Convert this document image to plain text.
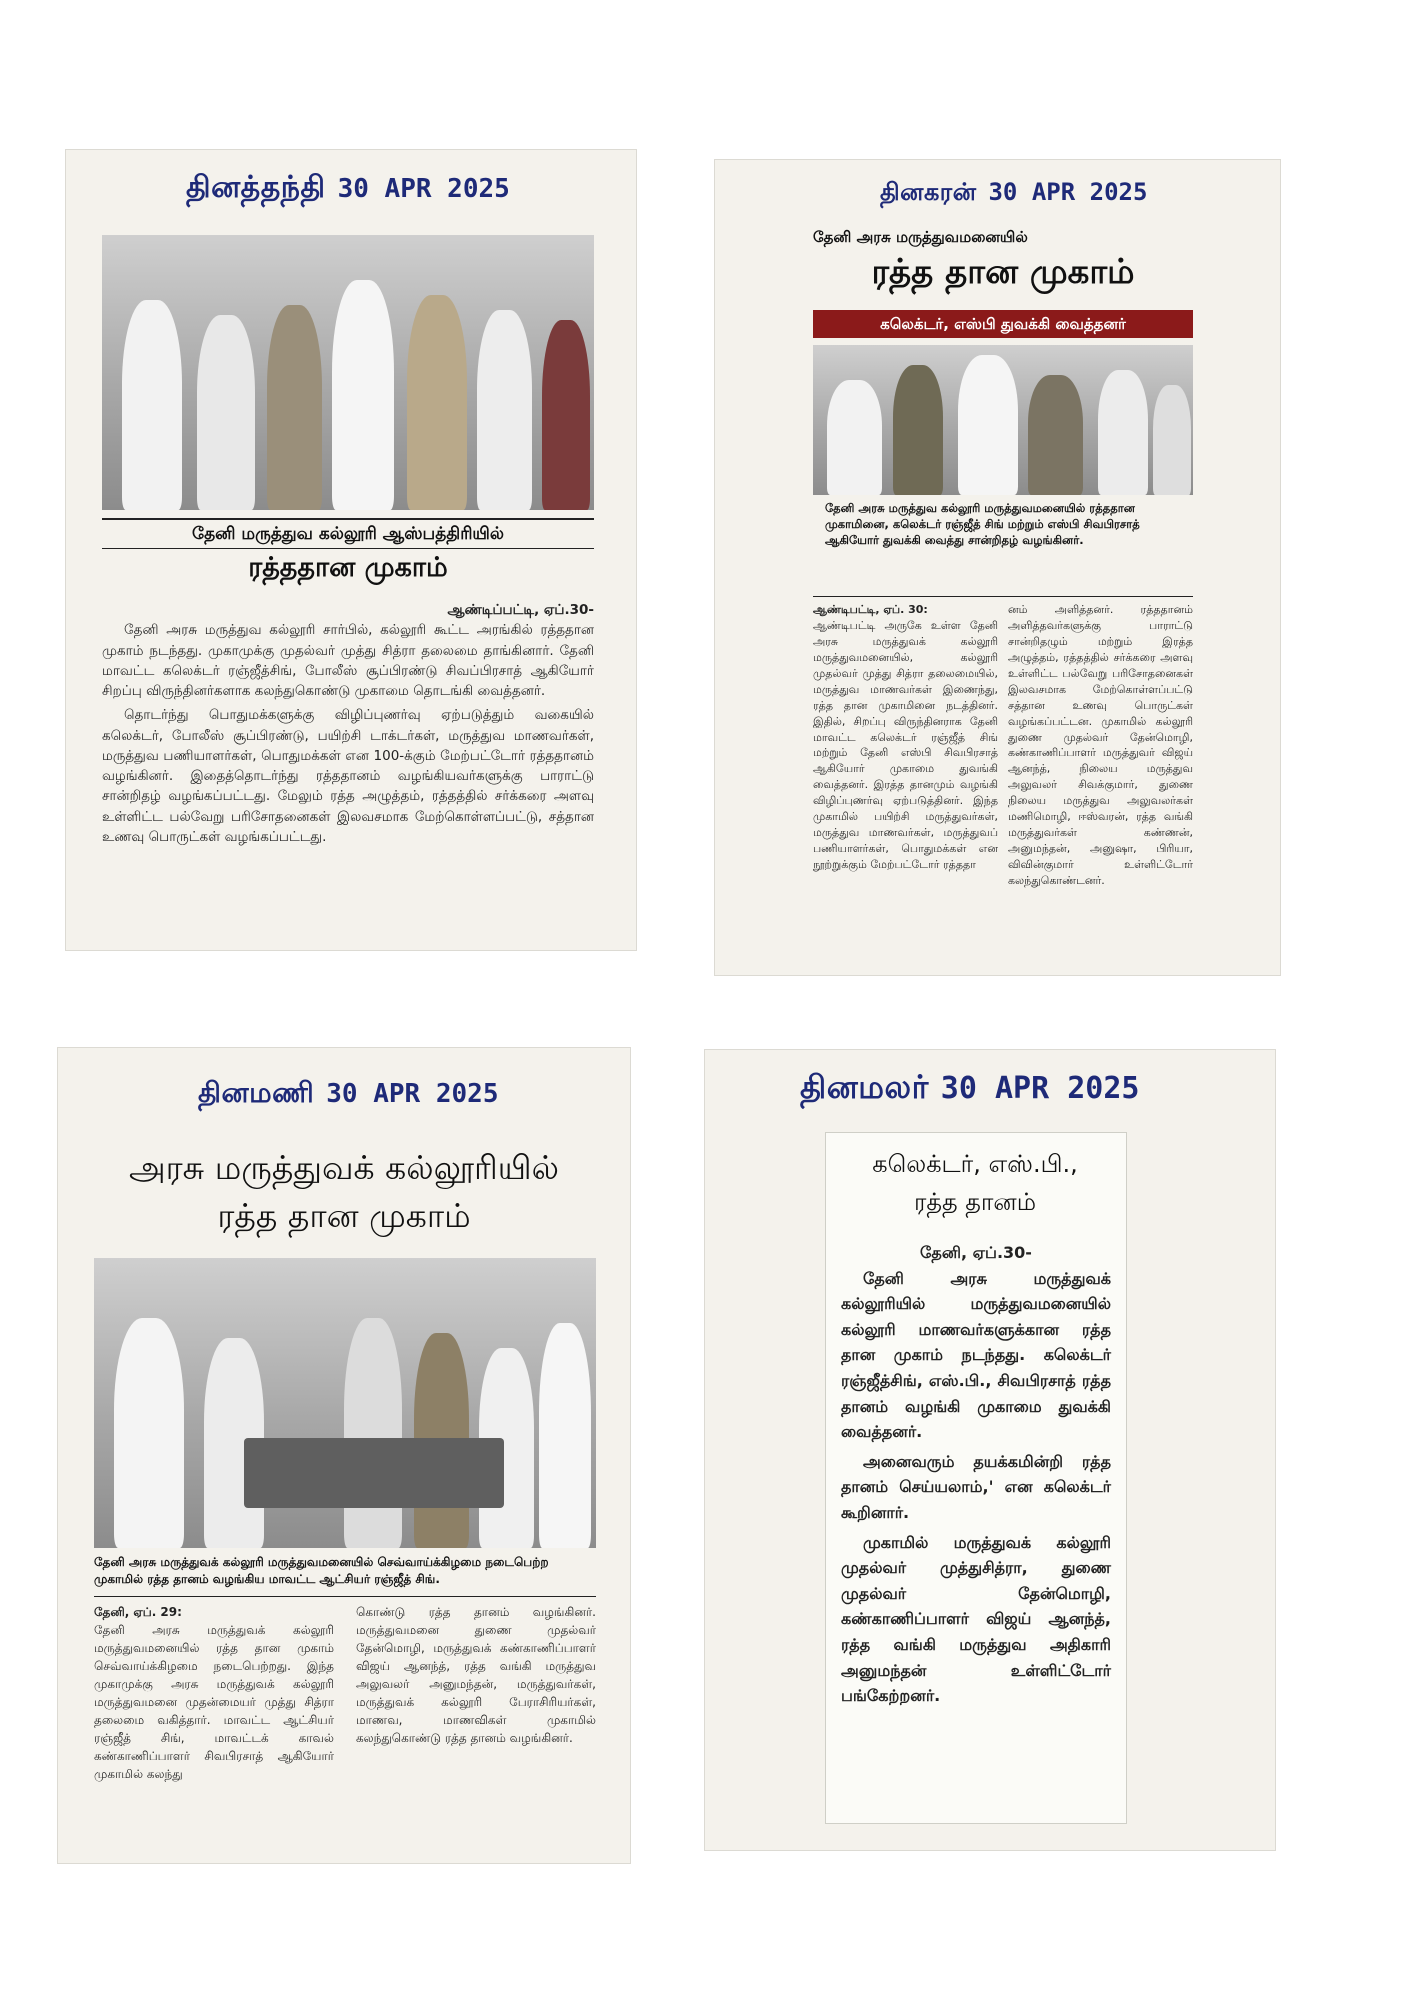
தினத்தந்தி 30 APR 2025
தேனி மருத்துவ கல்லூரி ஆஸ்பத்திரியில்
ரத்ததான முகாம்
ஆண்டிப்பட்டி, ஏப்.30-

தேனி அரசு மருத்துவ கல்லூரி சார்பில், கல்லூரி கூட்ட அரங்கில் ரத்ததான முகாம் நடந்தது. முகாமுக்கு முதல்வர் முத்து சித்ரா தலைமை தாங்கினார். தேனி மாவட்ட கலெக்டர் ரஞ்ஜீத்சிங், போலீஸ் சூப்பிரண்டு சிவப்பிரசாத் ஆகியோர் சிறப்பு விருந்தினர்களாக கலந்துகொண்டு முகாமை தொடங்கி வைத்தனர்.

தொடர்ந்து பொதுமக்களுக்கு விழிப்புணர்வு ஏற்படுத்தும் வகையில் கலெக்டர், போலீஸ் சூப்பிரண்டு, பயிற்சி டாக்டர்கள், மருத்துவ மாணவர்கள், மருத்துவ பணியாளர்கள், பொதுமக்கள் என 100-க்கும் மேற்பட்டோர் ரத்ததானம் வழங்கினர். இதைத்தொடர்ந்து ரத்ததானம் வழங்கியவர்களுக்கு பாராட்டு சான்றிதழ் வழங்கப்பட்டது. மேலும் ரத்த அழுத்தம், ரத்தத்தில் சர்க்கரை அளவு உள்ளிட்ட பல்வேறு பரிசோதனைகள் இலவசமாக மேற்கொள்ளப்பட்டு, சத்தான உணவு பொருட்கள் வழங்கப்பட்டது.

தினகரன் 30 APR 2025
தேனி அரசு மருத்துவமனையில்
ரத்த தான முகாம்
கலெக்டர், எஸ்பி துவக்கி வைத்தனர்
தேனி அரசு மருத்துவ கல்லூரி மருத்துவமனையில் ரத்ததான முகாமினை, கலெக்டர் ரஞ்ஜீத் சிங் மற்றும் எஸ்பி சிவபிரசாத் ஆகியோர் துவக்கி வைத்து சான்றிதழ் வழங்கினர்.
ஆண்டிபட்டி, ஏப். 30:
ஆண்டிபட்டி அருகே உள்ள தேனி அரசு மருத்துவக் கல்லூரி மருத்துவமனையில், கல்லூரி முதல்வர் முத்து சித்ரா தலைமையில், மருத்துவ மாணவர்கள் இணைந்து, ரத்த தான முகாமினை நடத்தினர். இதில், சிறப்பு விருந்தினராக தேனி மாவட்ட கலெக்டர் ரஞ்ஜீத் சிங் மற்றும் தேனி எஸ்பி சிவபிரசாத் ஆகியோர் முகாமை துவங்கி வைத்தனர். இரத்த தானமும் வழங்கி விழிப்புணர்வு ஏற்படுத்தினர். இந்த முகாமில் பயிற்சி மருத்துவர்கள், மருத்துவ மாணவர்கள், மருத்துவப் பணியாளர்கள், பொதுமக்கள் என நூற்றுக்கும் மேற்பட்டோர் ரத்ததா
னம் அளித்தனர். ரத்ததானம் அளித்தவர்களுக்கு பாராட்டு சான்றிதழும் மற்றும் இரத்த அழுத்தம், ரத்தத்தில் சர்க்கரை அளவு உள்ளிட்ட பல்வேறு பரிசோதனைகள் இலவசமாக மேற்கொள்ளப்பட்டு சத்தான உணவு பொருட்கள் வழங்கப்பட்டன. முகாமில் கல்லூரி துணை முதல்வர் தேன்மொழி, கண்காணிப்பாளர் மருத்துவர் விஜய் ஆனந்த், நிலைய மருத்துவ அலுவலர் சிவக்குமார், துணை நிலைய மருத்துவ அலுவலர்கள் மணிமொழி, ஈஸ்வரன், ரத்த வங்கி மருத்துவர்கள் கண்ணன், அனுமந்தன், அனுஷா, பிரியா, விவின்குமார் உள்ளிட்டோர் கலந்துகொண்டனர்.
தினமணி 30 APR 2025
அரசு மருத்துவக் கல்லூரியில்
ரத்த தான முகாம்
தேனி அரசு மருத்துவக் கல்லூரி மருத்துவமனையில் செவ்வாய்க்கிழமை நடைபெற்ற முகாமில் ரத்த தானம் வழங்கிய மாவட்ட ஆட்சியர் ரஞ்ஜீத் சிங்.
தேனி, ஏப். 29:
தேனி அரசு மருத்துவக் கல்லூரி மருத்துவமனையில் ரத்த தான முகாம் செவ்வாய்க்கிழமை நடைபெற்றது. இந்த முகாமுக்கு அரசு மருத்துவக் கல்லூரி மருத்துவமனை முதன்மையர் முத்து சித்ரா தலைமை வகித்தார். மாவட்ட ஆட்சியர் ரஞ்ஜீத் சிங், மாவட்டக் காவல் கண்காணிப்பாளர் சிவபிரசாத் ஆகியோர் முகாமில் கலந்து
கொண்டு ரத்த தானம் வழங்கினர். மருத்துவமனை துணை முதல்வர் தேன்மொழி, மருத்துவக் கண்காணிப்பாளர் விஜய் ஆனந்த், ரத்த வங்கி மருத்துவ அலுவலர் அனுமந்தன், மருத்துவர்கள், மருத்துவக் கல்லூரி பேராசிரியர்கள், மாணவ, மாணவிகள் முகாமில் கலந்துகொண்டு ரத்த தானம் வழங்கினர்.
தினமலர் 30 APR 2025
கலெக்டர், எஸ்.பி.,
ரத்த தானம்
தேனி, ஏப்.30-

தேனி அரசு மருத்துவக் கல்லூரியில் மருத்துவமனையில் கல்லூரி மாணவர்களுக்கான ரத்த தான முகாம் நடந்தது. கலெக்டர் ரஞ்ஜீத்சிங், எஸ்.பி., சிவபிரசாத் ரத்த தானம் வழங்கி முகாமை துவக்கி வைத்தனர்.

அனைவரும் தயக்கமின்றி ரத்த தானம் செய்யலாம்,' என கலெக்டர் கூறினார்.

முகாமில் மருத்துவக் கல்லூரி முதல்வர் முத்துசித்ரா, துணை முதல்வர் தேன்மொழி, கண்காணிப்பாளர் விஜய் ஆனந்த், ரத்த வங்கி மருத்துவ அதிகாரி அனுமந்தன் உள்ளிட்டோர் பங்கேற்றனர்.
